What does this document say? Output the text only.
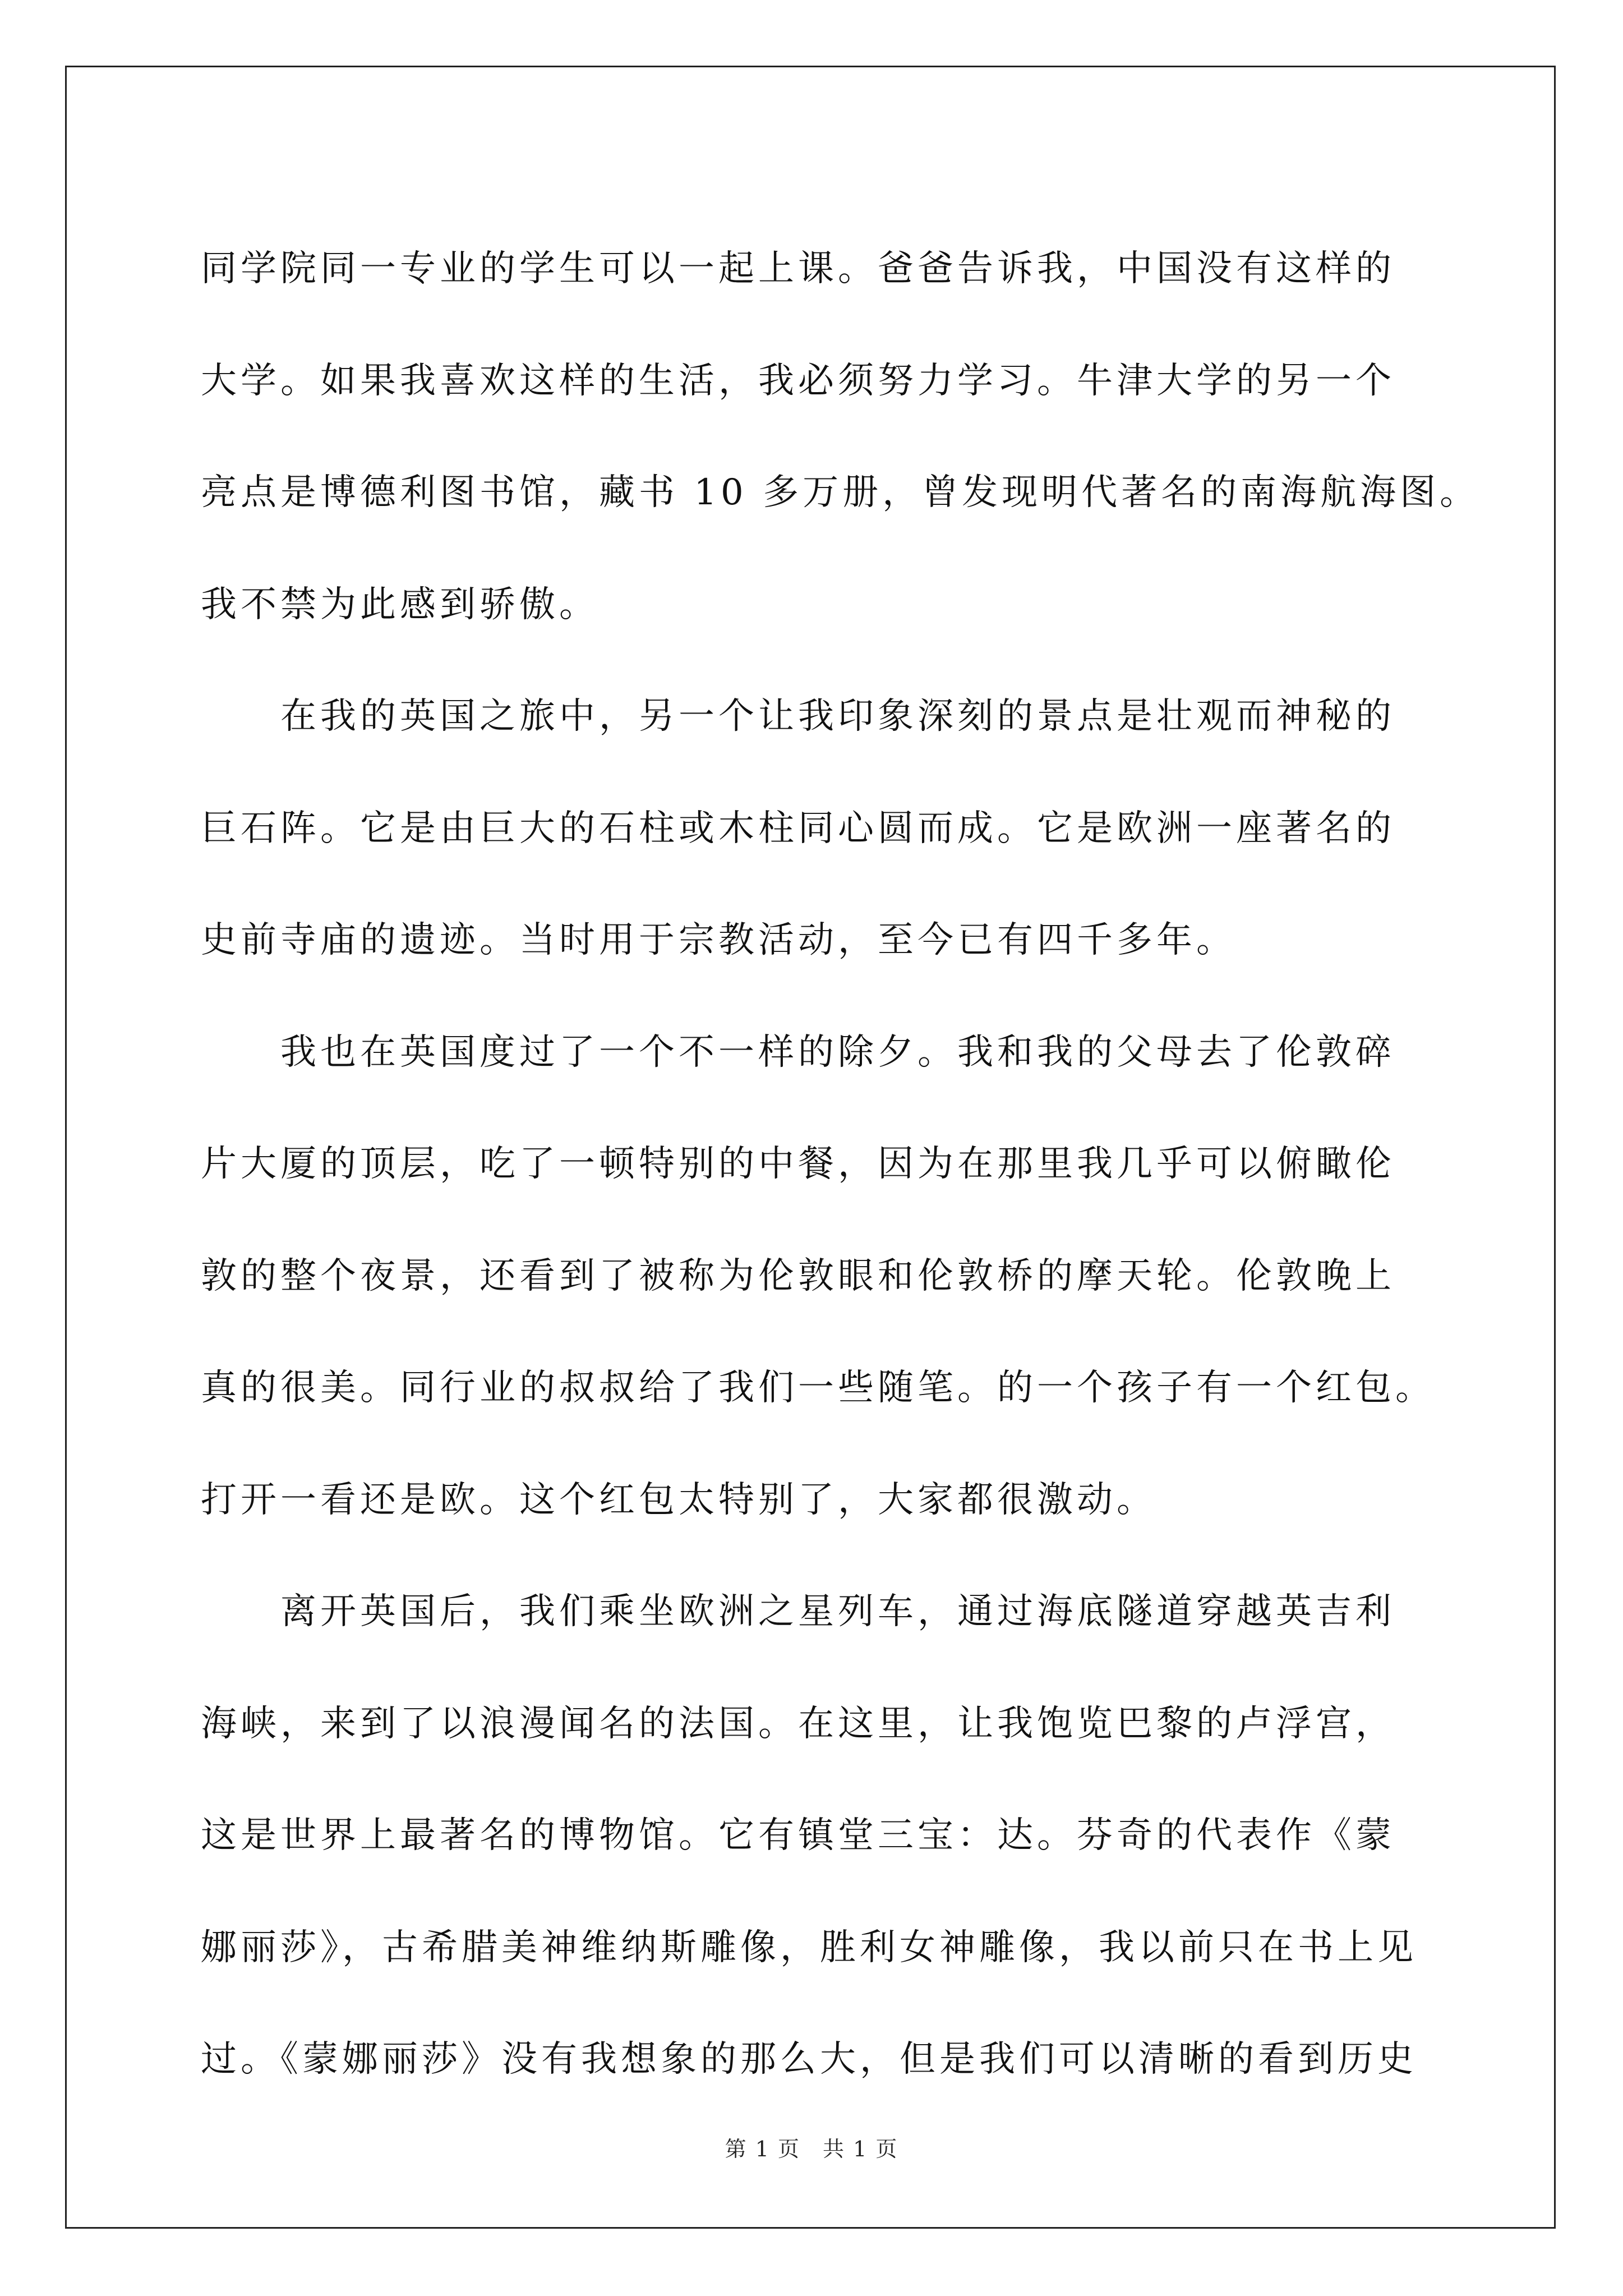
同学院同一专业的学生可以一起上课。爸爸告诉我，中国没有这样的
大学。如果我喜欢这样的生活，我必须努力学习。牛津大学的另一个
亮点是博德利图书馆，藏书 10 多万册，曾发现明代著名的南海航海图。
我不禁为此感到骄傲。
　　在我的英国之旅中，另一个让我印象深刻的景点是壮观而神秘的
巨石阵。它是由巨大的石柱或木柱同心圆而成。它是欧洲一座著名的
史前寺庙的遗迹。当时用于宗教活动，至今已有四千多年。
　　我也在英国度过了一个不一样的除夕。我和我的父母去了伦敦碎
片大厦的顶层，吃了一顿特别的中餐，因为在那里我几乎可以俯瞰伦
敦的整个夜景，还看到了被称为伦敦眼和伦敦桥的摩天轮。伦敦晚上
真的很美。同行业的叔叔给了我们一些随笔。的一个孩子有一个红包。
打开一看还是欧。这个红包太特别了，大家都很激动。
　　离开英国后，我们乘坐欧洲之星列车，通过海底隧道穿越英吉利
海峡，来到了以浪漫闻名的法国。在这里，让我饱览巴黎的卢浮宫，
这是世界上最著名的博物馆。它有镇堂三宝：达。芬奇的代表作《蒙
娜丽莎》，古希腊美神维纳斯雕像，胜利女神雕像，我以前只在书上见
过。《蒙娜丽莎》没有我想象的那么大，但是我们可以清晰的看到历史
第 1 页　共 1 页
